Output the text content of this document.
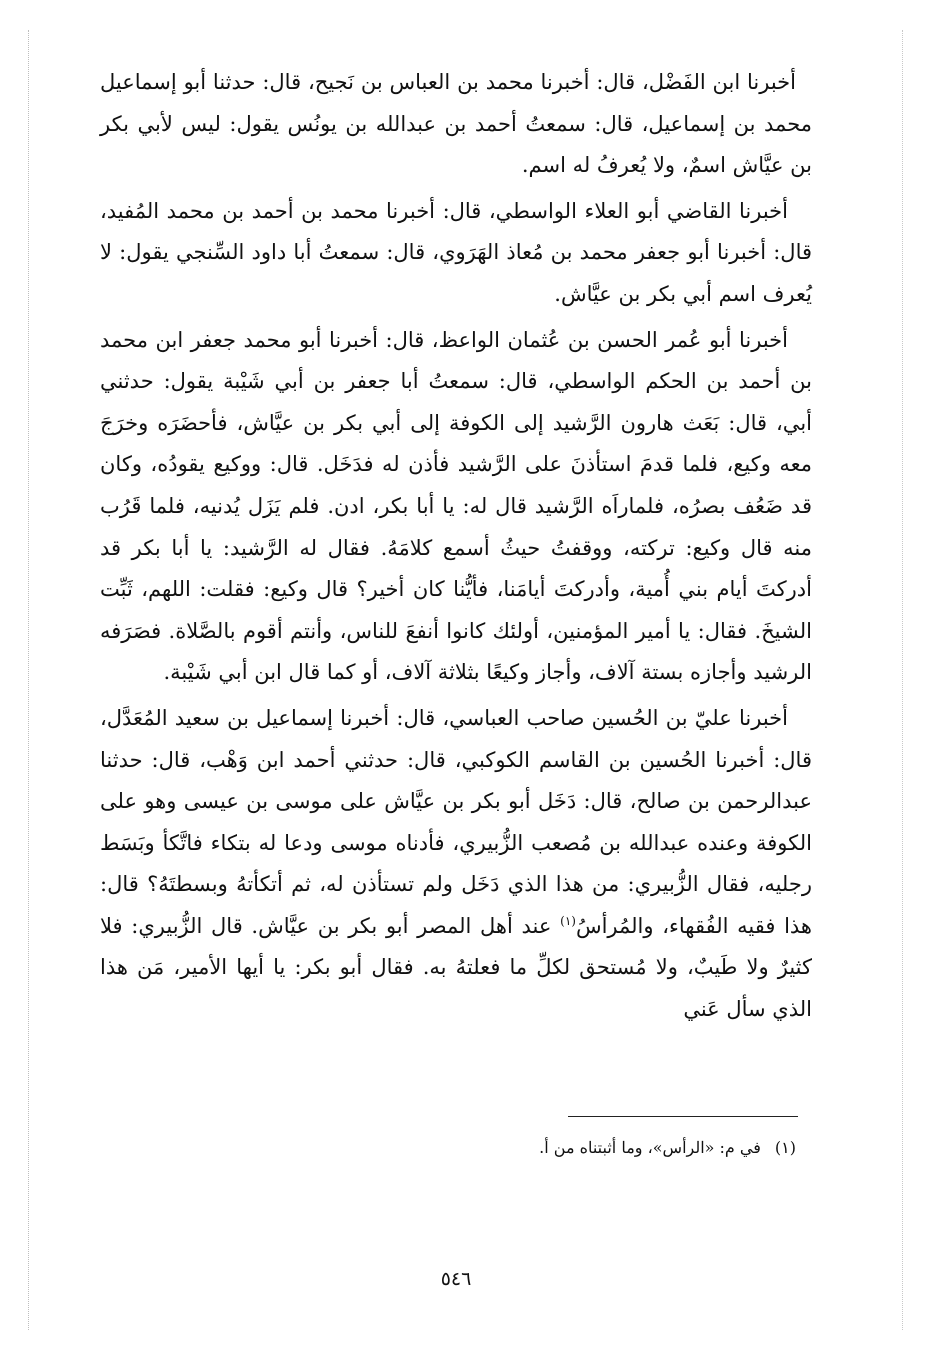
أخبرنا ابن الفَضْل، قال: أخبرنا محمد بن العباس بن نَجيح، قال: حدثنا أبو إسماعيل محمد بن إسماعيل، قال: سمعتُ أحمد بن عبدالله بن يونُس يقول: ليس لأبي بكر بن عيَّاش اسمٌ، ولا يُعرفُ له اسم.

أخبرنا القاضي أبو العلاء الواسطي، قال: أخبرنا محمد بن أحمد بن محمد المُفيد، قال: أخبرنا أبو جعفر محمد بن مُعاذ الهَرَوي، قال: سمعتُ أبا داود السِّنجي يقول: لا يُعرف اسم أبي بكر بن عيَّاش.

أخبرنا أبو عُمر الحسن بن عُثمان الواعظ، قال: أخبرنا أبو محمد جعفر ابن محمد بن أحمد بن الحكم الواسطي، قال: سمعتُ أبا جعفر بن أبي شَيْبة يقول: حدثني أبي، قال: بَعَث هارون الرَّشيد إلى الكوفة إلى أبي بكر بن عيَّاش، فأحضَرَه وخرَجَ معه وكيع، فلما قدمَ استأذنَ على الرَّشيد فأذن له فدَخَل. قال: ووكيع يقودُه، وكان قد ضَعُف بصرُه، فلماراَه الرَّشيد قال له: يا أبا بكر، ادن. فلم يَزَل يُدنيه، فلما قَرُب منه قال وكيع: تركته، ووقفتُ حيثُ أسمع كلامَهُ. فقال له الرَّشيد: يا أبا بكر قد أدركتَ أيام بني أُمية، وأدركتَ أيامَنا، فأيُّنا كان أخير؟ قال وكيع: فقلت: اللهم، ثَبِّت الشيخَ. فقال: يا أمير المؤمنين، أولئك كانوا أنفعَ للناس، وأنتم أقوم بالصَّلاة. فصَرَفه الرشيد وأجازه بستة آلاف، وأجاز وكيعًا بثلاثة آلاف، أو كما قال ابن أبي شَيْبة.

أخبرنا عليّ بن الحُسين صاحب العباسي، قال: أخبرنا إسماعيل بن سعيد المُعَدَّل، قال: أخبرنا الحُسين بن القاسم الكوكبي، قال: حدثني أحمد ابن وَهْب، قال: حدثنا عبدالرحمن بن صالح، قال: دَخَل أبو بكر بن عيَّاش على موسى بن عيسى وهو على الكوفة وعنده عبدالله بن مُصعب الزُّبيري، فأدناه موسى ودعا له بتكاء فاتَّكأ وبَسَط رجليه، فقال الزُّبيري: من هذا الذي دَخَل ولم تستأذن له، ثم أتكأتهُ وبسطتَهُ؟ قال: هذا فقيه الفُقهاء، والمُرأسُ$^{(١)}$ عند أهل المصر أبو بكر بن عيَّاش. قال الزُّبيري: فلا كثيرٌ ولا طَيبٌ، ولا مُستحق لكلِّ ما فعلتهُ به. فقال أبو بكر: يا أيها الأمير، مَن هذا الذي سأل عَني

(١)في م: «الرأس»، وما أثبتناه من أ.
٥٤٦
